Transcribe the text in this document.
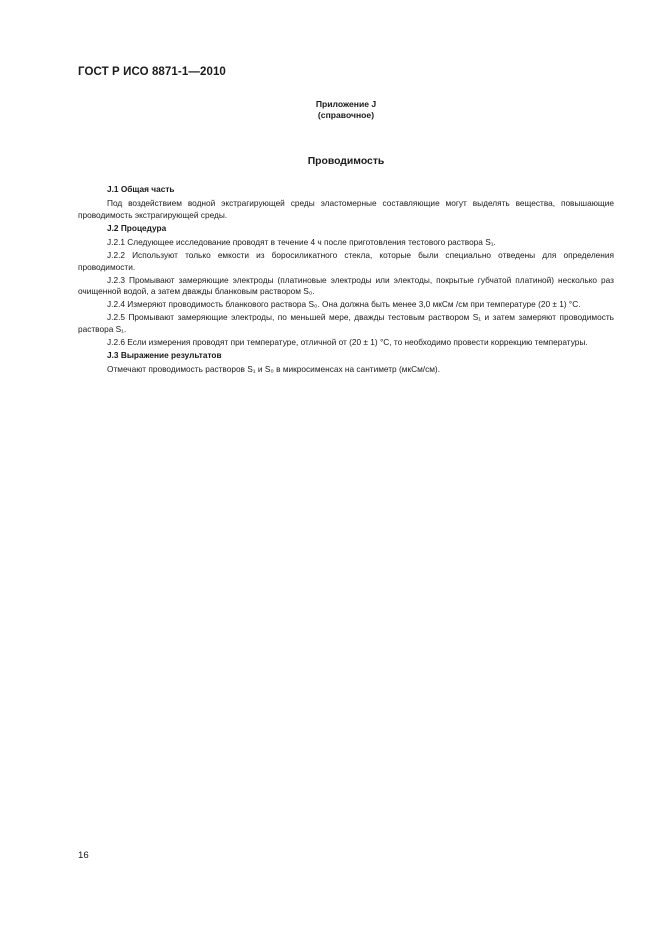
ГОСТ Р ИСО 8871-1—2010
Приложение J
(справочное)
Проводимость

J.1 Общая часть

Под воздействием водной экстрагирующей среды эластомерные составляющие могут выделять вещества, повышающие проводимость экстрагирующей среды.

J.2 Процедура

J.2.1 Следующее исследование проводят в течение 4 ч после приготовления тестового раствора S₁.

J.2.2 Используют только емкости из боросиликатного стекла, которые были специально отведены для определения проводимости.

J.2.3 Промывают замеряющие электроды (платиновые электроды или электоды, покрытые губчатой платиной) несколько раз очищенной водой, а затем дважды бланковым раствором S₀.

J.2.4 Измеряют проводимость бланкового раствора S₀. Она должна быть менее 3,0 мкСм /см при температуре (20 ± 1) °С.

J.2.5 Промывают замеряющие электроды, по меньшей мере, дважды тестовым раствором S₁ и затем замеряют проводимость раствора S₁.

J.2.6 Если измерения проводят при температуре, отличной от (20 ± 1) °С, то необходимо провести коррекцию температуры.

J.3 Выражение результатов

Отмечают проводимость растворов S₁ и S₀ в микросименсах на сантиметр (мкСм/см).

16
